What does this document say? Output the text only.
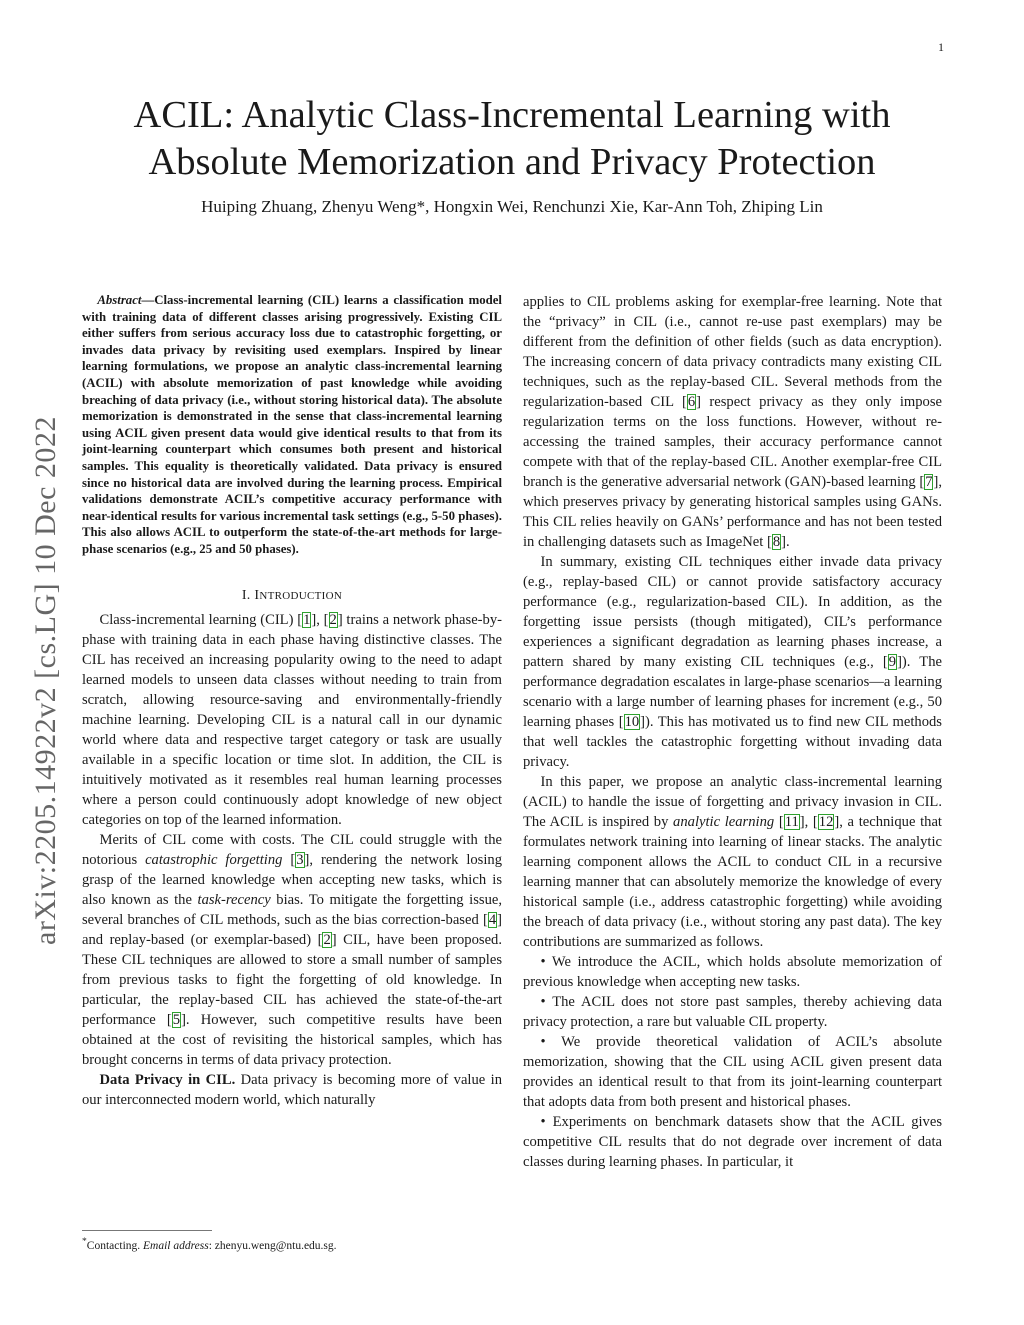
1
arXiv:2205.14922v2 [cs.LG] 10 Dec 2022
ACIL: Analytic Class-Incremental Learning with
Absolute Memorization and Privacy Protection
Huiping Zhuang, Zhenyu Weng*, Hongxin Wei, Renchunzi Xie, Kar-Ann Toh, Zhiping Lin

Abstract—Class-incremental learning (CIL) learns a classification model with training data of different classes arising progressively. Existing CIL either suffers from serious accuracy loss due to catastrophic forgetting, or invades data privacy by revisiting used exemplars. Inspired by linear learning formulations, we propose an analytic class-incremental learning (ACIL) with absolute memorization of past knowledge while avoiding breaching of data privacy (i.e., without storing historical data). The absolute memorization is demonstrated in the sense that class-incremental learning using ACIL given present data would give identical results to that from its joint-learning counterpart which consumes both present and historical samples. This equality is theoretically validated. Data privacy is ensured since no historical data are involved during the learning process. Empirical validations demonstrate ACIL’s competitive accuracy performance with near-identical results for various incremental task settings (e.g., 5-50 phases). This also allows ACIL to outperform the state-of-the-art methods for large-phase scenarios (e.g., 25 and 50 phases).

I. INTRODUCTION

Class-incremental learning (CIL) [1], [2] trains a network phase-by-phase with training data in each phase having distinctive classes. The CIL has received an increasing popularity owing to the need to adapt learned models to unseen data classes without needing to train from scratch, allowing resource-saving and environmentally-friendly machine learning. Developing CIL is a natural call in our dynamic world where data and respective target category or task are usually available in a specific location or time slot. In addition, the CIL is intuitively motivated as it resembles real human learning processes where a person could continuously adopt knowledge of new object categories on top of the learned information.

Merits of CIL come with costs. The CIL could struggle with the notorious catastrophic forgetting [3], rendering the network losing grasp of the learned knowledge when accepting new tasks, which is also known as the task-recency bias. To mitigate the forgetting issue, several branches of CIL methods, such as the bias correction-based [4] and replay-based (or exemplar-based) [2] CIL, have been proposed. These CIL techniques are allowed to store a small number of samples from previous tasks to fight the forgetting of old knowledge. In particular, the replay-based CIL has achieved the state-of-the-art performance [5]. However, such competitive results have been obtained at the cost of revisiting the historical samples, which has brought concerns in terms of data privacy protection.

Data Privacy in CIL. Data privacy is becoming more of value in our interconnected modern world, which naturally

*Contacting. Email address: zhenyu.weng@ntu.edu.sg.

applies to CIL problems asking for exemplar-free learning. Note that the “privacy” in CIL (i.e., cannot re-use past exemplars) may be different from the definition of other fields (such as data encryption). The increasing concern of data privacy contradicts many existing CIL techniques, such as the replay-based CIL. Several methods from the regularization-based CIL [6] respect privacy as they only impose regularization terms on the loss functions. However, without re-accessing the trained samples, their accuracy performance cannot compete with that of the replay-based CIL. Another exemplar-free CIL branch is the generative adversarial network (GAN)-based learning [7], which preserves privacy by generating historical samples using GANs. This CIL relies heavily on GANs’ performance and has not been tested in challenging datasets such as ImageNet [8].

In summary, existing CIL techniques either invade data privacy (e.g., replay-based CIL) or cannot provide satisfactory accuracy performance (e.g., regularization-based CIL). In addition, as the forgetting issue persists (though mitigated), CIL’s performance experiences a significant degradation as learning phases increase, a pattern shared by many existing CIL techniques (e.g., [9]). The performance degradation escalates in large-phase scenarios—a learning scenario with a large number of learning phases for increment (e.g., 50 learning phases [10]). This has motivated us to find new CIL methods that well tackles the catastrophic forgetting without invading data privacy.

In this paper, we propose an analytic class-incremental learning (ACIL) to handle the issue of forgetting and privacy invasion in CIL. The ACIL is inspired by analytic learning [11], [12], a technique that formulates network training into learning of linear stacks. The analytic learning component allows the ACIL to conduct CIL in a recursive learning manner that can absolutely memorize the knowledge of every historical sample (i.e., address catastrophic forgetting) while avoiding the breach of data privacy (i.e., without storing any past data). The key contributions are summarized as follows.

• We introduce the ACIL, which holds absolute memorization of previous knowledge when accepting new tasks.
• The ACIL does not store past samples, thereby achieving data privacy protection, a rare but valuable CIL property.
• We provide theoretical validation of ACIL’s absolute memorization, showing that the CIL using ACIL given present data provides an identical result to that from its joint-learning counterpart that adopts data from both present and historical phases.
• Experiments on benchmark datasets show that the ACIL gives competitive CIL results that do not degrade over increment of data classes during learning phases. In particular, it
